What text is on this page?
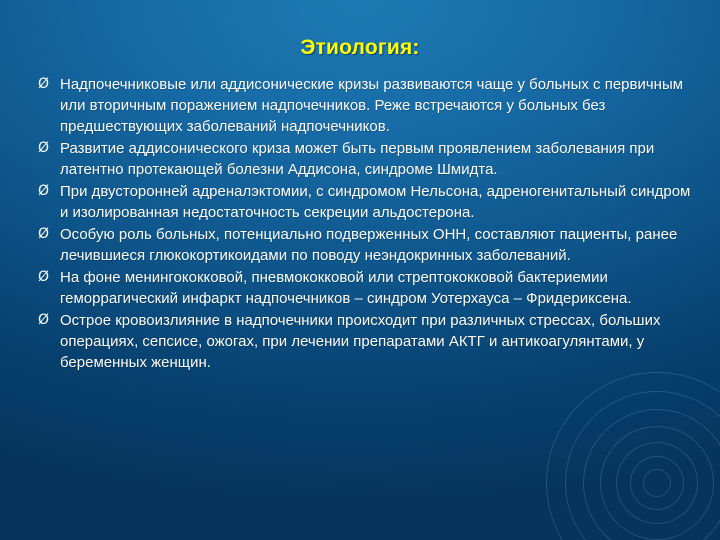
Этиология:
Ø Надпочечниковые или аддисонические кризы развиваются чаще у больных с первичным или вторичным поражением надпочечников. Реже встречаются у больных без предшествующих заболеваний надпочечников.
Ø Развитие аддисонического криза может быть первым проявлением заболевания при латентно протекающей болезни Аддисона, синдроме Шмидта.
Ø При двусторонней адреналэктомии, с синдромом Нельсона, адреногенитальный синдром и изолированная недостаточность секреции альдостерона.
Ø Особую роль больных, потенциально подверженных ОНН, составляют пациенты, ранее лечившиеся глюкокортикоидами по поводу неэндокринных заболеваний.
Ø На фоне менингококковой, пневмококковой или стрептококковой бактериемии геморрагический инфаркт надпочечников – синдром Уотерхауса – Фридериксена.
Ø Острое кровоизлияние в надпочечники происходит при различных стрессах, больших операциях, сепсисе, ожогах, при лечении препаратами АКТГ и антикоагулянтами, у беременных женщин.
